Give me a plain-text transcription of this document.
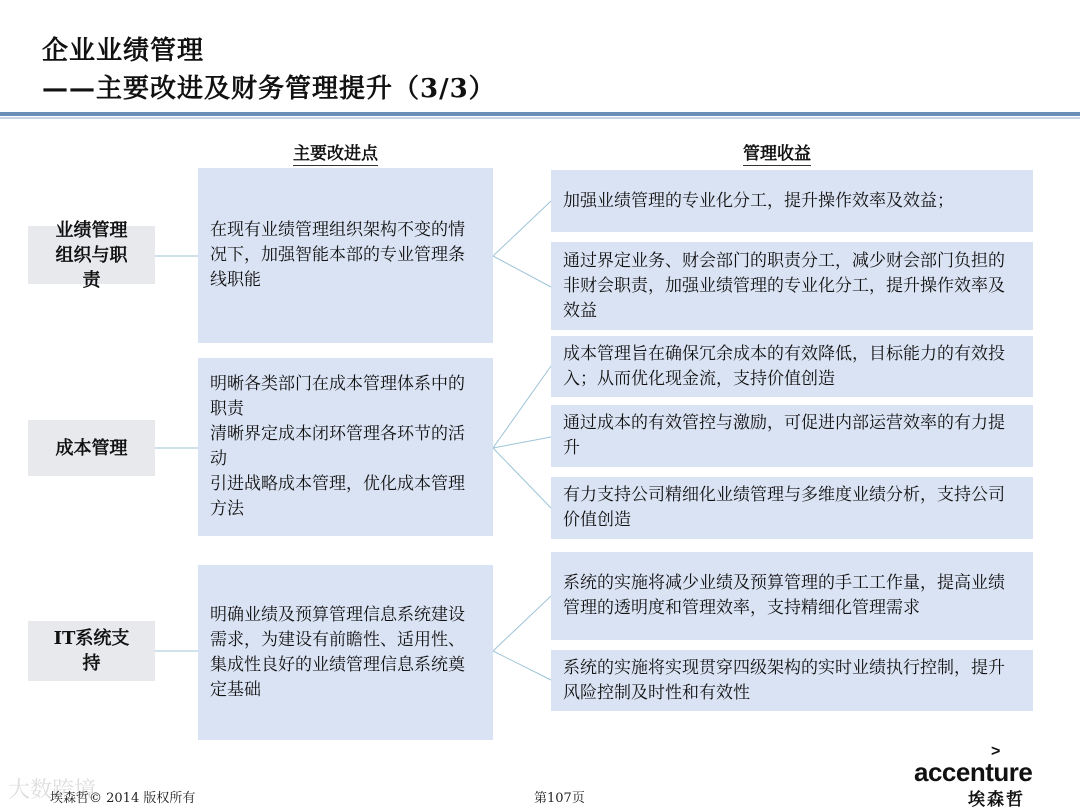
企业业绩管理
——主要改进及财务管理提升（3/3）
主要改进点	管理收益
业绩管理
组织与职
责
在现有业绩管理组织架构不变的情况下，加强智能本部的专业管理条线职能
加强业绩管理的专业化分工，提升操作效率及效益；
通过界定业务、财会部门的职责分工，减少财会部门负担的非财会职责，加强业绩管理的专业化分工，提升操作效率及效益
成本管理
明晰各类部门在成本管理体系中的职责
清晰界定成本闭环管理各环节的活动
引进战略成本管理，优化成本管理方法
成本管理旨在确保冗余成本的有效降低，目标能力的有效投入；从而优化现金流，支持价值创造
通过成本的有效管控与激励，可促进内部运营效率的有力提升
有力支持公司精细化业绩管理与多维度业绩分析，支持公司价值创造
IT系统支
持
明确业绩及预算管理信息系统建设需求，为建设有前瞻性、适用性、集成性良好的业绩管理信息系统奠定基础
系统的实施将减少业绩及预算管理的手工工作量，提高业绩管理的透明度和管理效率，支持精细化管理需求
系统的实施将实现贯穿四级架构的实时业绩执行控制，提升风险控制及时性和有效性
大数跨境
埃森哲© 2014 版权所有	第107页
>
accenture
埃森哲
